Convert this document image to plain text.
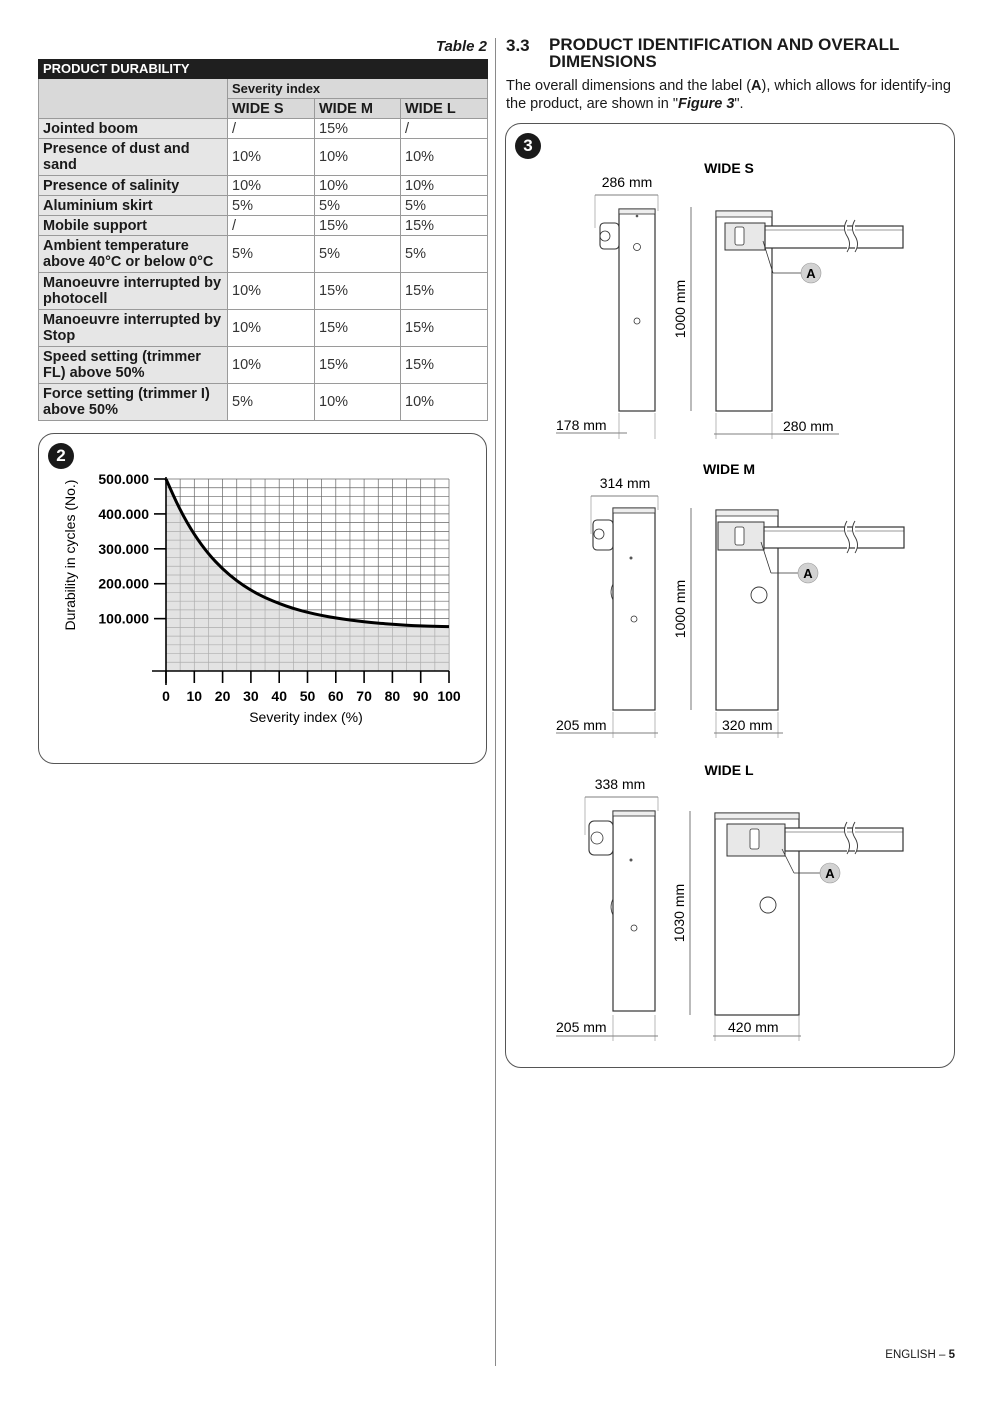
Table 2
PRODUCT DURABILITY			
	Severity index		
	WIDE S	WIDE M	WIDE L
Jointed boom	/	15%	/
Presence of dust and sand	10%	10%	10%
Presence of salinity	10%	10%	10%
Aluminium skirt	5%	5%	5%
Mobile support	/	15%	15%
Ambient temperature above 40°C or below 0°C	5%	5%	5%
Manoeuvre interrupted by photocell	10%	15%	15%
Manoeuvre interrupted by Stop	10%	15%	15%
Speed setting (trimmer FL) above 50%	10%	15%	15%
Force setting (trimmer I) above 50%	5%	10%	10%
2
100.000
200.000
300.000
400.000
500.000
0 10 20 30 40 50 60 70 80 90 100
Severity index (%)
Durability in cycles (No.)
3.3 PRODUCT IDENTIFICATION AND OVERALL DIMENSIONS
The overall dimensions and the label (A), which allows for identify-ing the product, are shown in "Figure 3".
3
WIDE S
286 mm
1000 mm
A
178 mm	280 mm
WIDE M
314 mm
1000 mm
A
205 mm	320 mm
WIDE L
338 mm
1030 mm
A
205 mm	420 mm
ENGLISH – 5
